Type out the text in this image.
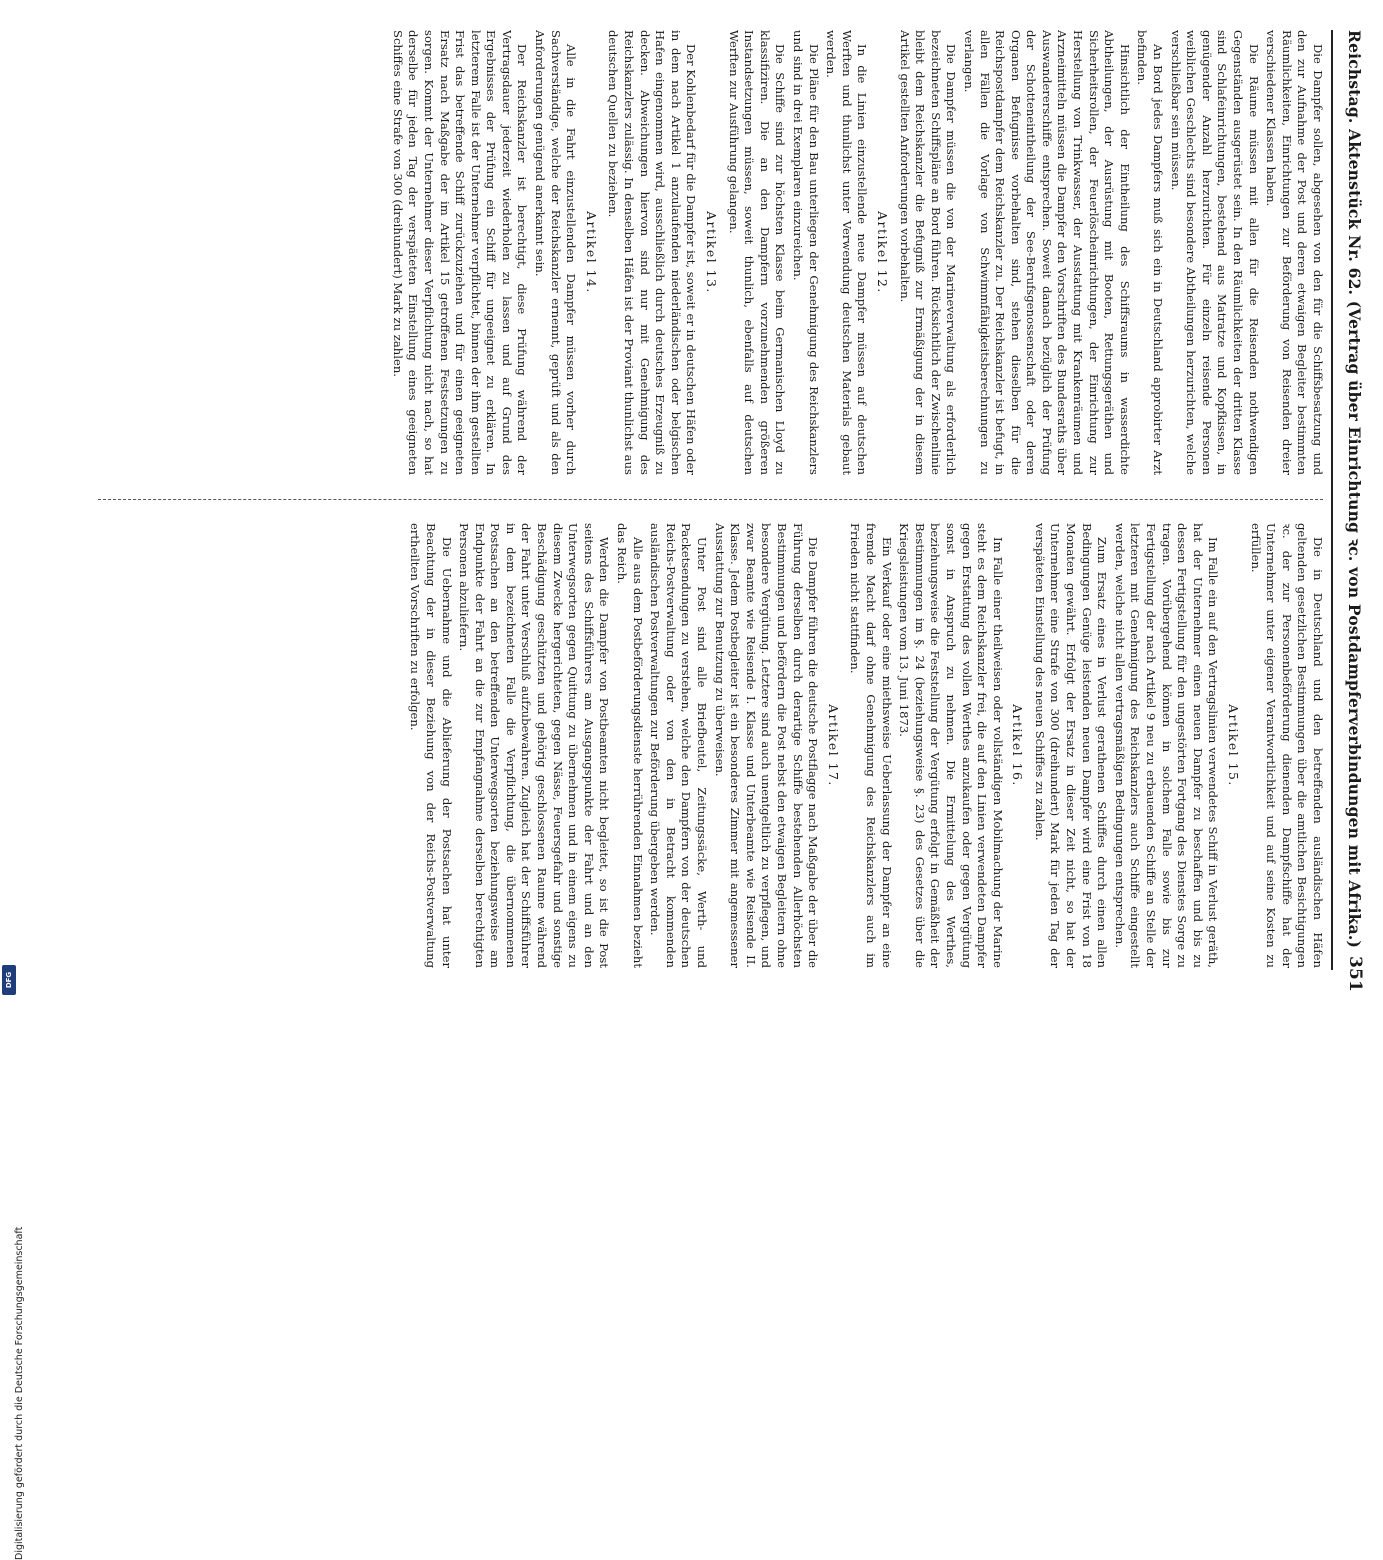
Reichstag. Aktenstück Nr. 62. (Vertrag über Einrichtung ꝛc. von Postdampferverbindungen mit Afrika.)
351

Die Dampfer sollen, abgesehen von den für die Schiffsbesatzung und den zur Aufnahme der Post und deren etwaigen Begleiter bestimmten Räumlichkeiten, Einrichtungen zur Beförderung von Reisenden dreier verschiedener Klassen haben.

Die Räume müssen mit allen für die Reisenden nothwendigen Gegenständen ausgerüstet sein. In den Räumlichkeiten der dritten Klasse sind Schlafeinrichtungen, bestehend aus Matratze und Kopfkissen, in genügender Anzahl herzurichten. Für einzeln reisende Personen weiblichen Geschlechts sind besondere Abtheilungen herzurichten, welche verschließbar sein müssen.

An Bord jedes Dampfers muß sich ein in Deutschland approbirter Arzt befinden.

Hinsichtlich der Eintheilung des Schiffsraums in wasserdichte Abtheilungen, der Ausrüstung mit Booten, Rettungsgeräthen und Sicherheitsrollen, der Feuerlöscheinrichtungen, der Einrichtung zur Herstellung von Trinkwasser, der Ausstattung mit Krankenräumen und Arzneimitteln müssen die Dampfer den Vorschriften des Bundesraths über Auswandererschiffe entsprechen. Soweit danach bezüglich der Prüfung der Schotteneintheilung der See-Berufsgenossenschaft oder deren Organen Befugnisse vorbehalten sind, stehen dieselben für die Reichspostdampfer dem Reichskanzler zu. Der Reichskanzler ist befugt, in allen Fällen die Vorlage von Schwimmfähigkeitsberechnungen zu verlangen.

Die Dampfer müssen die von der Marineverwaltung als erforderlich bezeichneten Schiffspläne an Bord führen. Rücksichtlich der Zwischenlinie bleibt dem Reichskanzler die Befugniß zur Ermäßigung der in diesem Artikel gestellten Anforderungen vorbehalten.

Artikel 12.

In die Linien einzustellende neue Dampfer müssen auf deutschen Werften und thunlichst unter Verwendung deutschen Materials gebaut werden.

Die Pläne für den Bau unterliegen der Genehmigung des Reichskanzlers und sind in drei Exemplaren einzureichen.

Die Schiffe sind zur höchsten Klasse beim Germanischen Lloyd zu klassifiziren. Die an den Dampfern vorzunehmenden größeren Instandsetzungen müssen, soweit thunlich, ebenfalls auf deutschen Werften zur Ausführung gelangen.

Artikel 13.

Der Kohlenbedarf für die Dampfer ist, soweit er in deutschen Häfen oder in dem nach Artikel 1 anzulaufenden niederländischen oder belgischen Hafen eingenommen wird, ausschließlich durch deutsches Erzeugniß zu decken. Abweichungen hiervon sind nur mit Genehmigung des Reichskanzlers zulässig. In denselben Häfen ist der Proviant thunlichst aus deutschen Quellen zu beziehen.

Artikel 14.

Alle in die Fahrt einzustellenden Dampfer müssen vorher durch Sachverständige, welche der Reichskanzler ernennt, geprüft und als den Anforderungen genügend anerkannt sein.

Der Reichskanzler ist berechtigt, diese Prüfung während der Vertragsdauer jederzeit wiederholen zu lassen und auf Grund des Ergebnisses der Prüfung ein Schiff für ungeeignet zu erklären. In letzterem Falle ist der Unternehmer verpflichtet, binnen der ihm gestellten Frist das betreffende Schiff zurückzuziehen und für einen geeigneten Ersatz nach Maßgabe der im Artikel 15 getroffenen Festsetzungen zu sorgen. Kommt der Unternehmer dieser Verpflichtung nicht nach, so hat derselbe für jeden Tag der verspäteten Einstellung eines geeigneten Schiffes eine Strafe von 300 (dreihundert) Mark zu zahlen.

Die in Deutschland und den betreffenden ausländischen Häfen geltenden gesetzlichen Bestimmungen über die amtlichen Besichtigungen ꝛc. der zur Personenbeförderung dienenden Dampfschiffe hat der Unternehmer unter eigener Verantwortlichkeit und auf seine Kosten zu erfüllen.

Artikel 15.

Im Falle ein auf den Vertragslinien verwendetes Schiff in Verlust geräth, hat der Unternehmer einen neuen Dampfer zu beschaffen und bis zu dessen Fertigstellung für den ungestörten Fortgang des Dienstes Sorge zu tragen. Vorübergehend können in solchem Falle sowie bis zur Fertigstellung der nach Artikel 9 neu zu erbauenden Schiffe an Stelle der letzteren mit Genehmigung des Reichskanzlers auch Schiffe eingestellt werden, welche nicht allen vertragsmäßigen Bedingungen entsprechen.

Zum Ersatz eines in Verlust gerathenen Schiffes durch einen allen Bedingungen Genüge leistenden neuen Dampfer wird eine Frist von 18 Monaten gewährt. Erfolgt der Ersatz in dieser Zeit nicht, so hat der Unternehmer eine Strafe von 300 (dreihundert) Mark für jeden Tag der verspäteten Einstellung des neuen Schiffes zu zahlen.

Artikel 16.

Im Falle einer theilweisen oder vollständigen Mobilmachung der Marine steht es dem Reichskanzler frei, die auf den Linien verwendeten Dampfer gegen Erstattung des vollen Werthes anzukaufen oder gegen Vergütung sonst in Anspruch zu nehmen. Die Ermittelung des Werthes, beziehungsweise die Feststellung der Vergütung erfolgt in Gemäßheit der Bestimmungen im §. 24 (beziehungsweise §. 23) des Gesetzes über die Kriegsleistungen vom 13. Juni 1873.

Ein Verkauf oder eine miethsweise Ueberlassung der Dampfer an eine fremde Macht darf ohne Genehmigung des Reichskanzlers auch im Frieden nicht stattfinden.

Artikel 17.

Die Dampfer führen die deutsche Postflagge nach Maßgabe der über die Führung derselben durch derartige Schiffe bestehenden Allerhöchsten Bestimmungen und befördern die Post nebst den etwaigen Begleitern ohne besondere Vergütung. Letztere sind auch unentgeltlich zu verpflegen, und zwar Beamte wie Reisende I. Klasse und Unterbeamte wie Reisende II. Klasse. Jedem Postbegleiter ist ein besonderes Zimmer mit angemessener Ausstattung zur Benutzung zu überweisen.

Unter Post sind alle Briefbeutel, Zeitungssäcke, Werth- und Packetsendungen zu verstehen, welche den Dampfern von der deutschen Reichs-Postverwaltung oder von den in Betracht kommenden ausländischen Postverwaltungen zur Beförderung übergeben werden.

Alle aus dem Postbeförderungsdienste herrührenden Einnahmen bezieht das Reich.

Werden die Dampfer von Postbeamten nicht begleitet, so ist die Post seitens des Schiffsführers am Ausgangspunkte der Fahrt und an den Unterwegsorten gegen Quittung zu übernehmen und in einem eigens zu diesem Zwecke hergerichteten, gegen Nässe, Feuersgefahr und sonstige Beschädigung geschützten und gehörig geschlossenen Raume während der Fahrt unter Verschluß aufzubewahren. Zugleich hat der Schiffsführer in dem bezeichneten Falle die Verpflichtung, die übernommenen Postsachen an den betreffenden Unterwegsorten beziehungsweise am Endpunkte der Fahrt an die zur Empfangnahme derselben berechtigten Personen abzuliefern.

Die Uebernahme und die Ablieferung der Postsachen hat unter Beachtung der in dieser Beziehung von der Reichs-Postverwaltung ertheilten Vorschriften zu erfolgen.

Digitalisierung gefördert durch die Deutsche Forschungsgemeinschaft
DFG
